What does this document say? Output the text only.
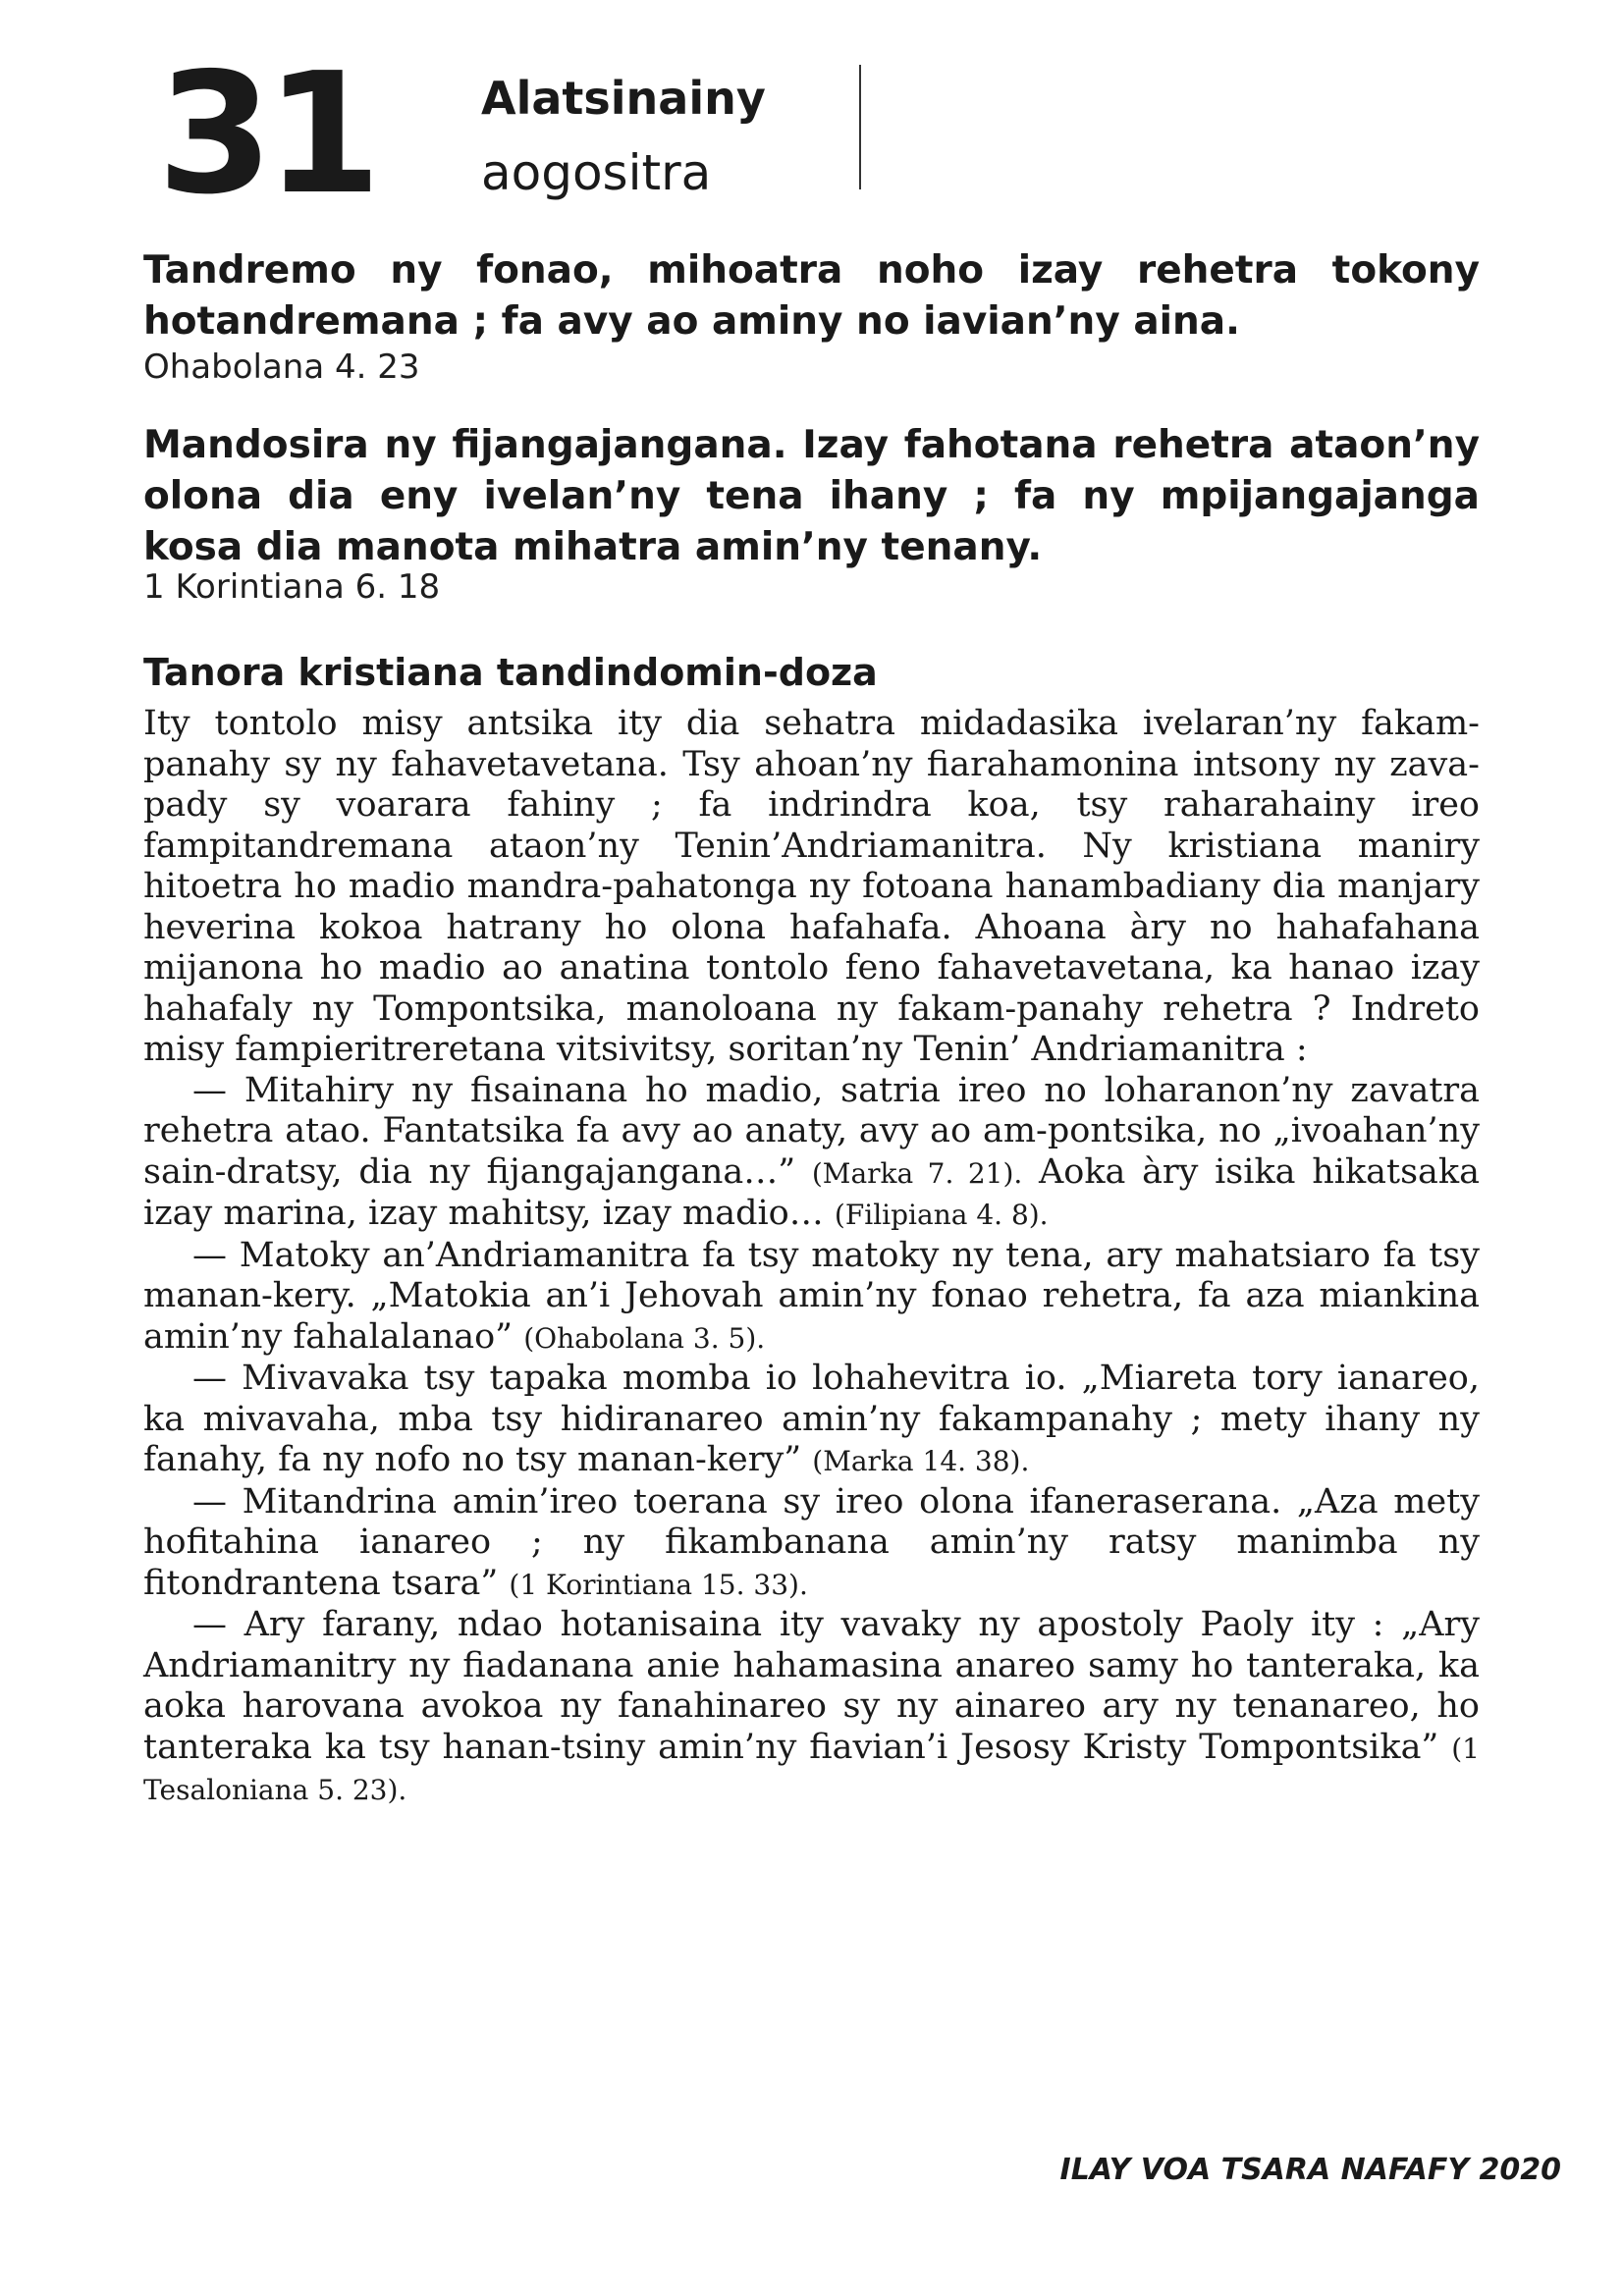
31 Alatsinainy
aogositra
Tandremo ny fonao, mihoatra noho izay rehetra tokony hotandremana ; fa avy ao aminy no iavian’ny aina.
Ohabolana 4. 23
Mandosira ny fijangajangana. Izay fahotana rehetra ataon’ny olona dia eny ivelan’ny tena ihany ; fa ny mpijangajanga kosa dia manota mihatra amin’ny tenany.
1 Korintiana 6. 18
Tanora kristiana tandindomin-doza

Ity tontolo misy antsika ity dia sehatra midadasika ivelaran’ny fakam-panahy sy ny fahavetavetana. Tsy ahoan’ny fiarahamonina intsony ny zava-pady sy voarara fahiny ; fa indrindra koa, tsy raharahainy ireo fampitandremana ataon’ny Tenin’Andriamanitra. Ny kristiana maniry hitoetra ho madio mandra-pahatonga ny fotoana hanambadiany dia manjary heverina kokoa hatrany ho olona hafahafa. Ahoana àry no hahafahana mijanona ho madio ao anatina tontolo feno fahavetavetana, ka hanao izay hahafaly ny Tompontsika, manoloana ny fakam-panahy rehetra ? Indreto misy fampieritreretana vitsivitsy, soritan’ny Tenin’ Andriamanitra :

— Mitahiry ny fisainana ho madio, satria ireo no loharanon’ny zavatra rehetra atao. Fantatsika fa avy ao anaty, avy ao am-pontsika, no „ivoahan’ny sain-dratsy, dia ny fijangajangana…” (Marka 7. 21). Aoka àry isika hikatsaka izay marina, izay mahitsy, izay madio… (Filipiana 4. 8).

— Matoky an’Andriamanitra fa tsy matoky ny tena, ary mahatsiaro fa tsy manan-kery. „Matokia an’i Jehovah amin’ny fonao rehetra, fa aza miankina amin’ny fahalalanao” (Ohabolana 3. 5).

— Mivavaka tsy tapaka momba io lohahevitra io. „Miareta tory ianareo, ka mivavaha, mba tsy hidiranareo amin’ny fakampanahy ; mety ihany ny fanahy, fa ny nofo no tsy manan-kery” (Marka 14. 38).

— Mitandrina amin’ireo toerana sy ireo olona ifaneraserana. „Aza mety hofitahina ianareo ; ny fikambanana amin’ny ratsy manimba ny fitondrantena tsara” (1 Korintiana 15. 33).

— Ary farany, ndao hotanisaina ity vavaky ny apostoly Paoly ity : „Ary Andriamanitry ny fiadanana anie hahamasina anareo samy ho tanteraka, ka aoka harovana avokoa ny fanahinareo sy ny ainareo ary ny tenanareo, ho tanteraka ka tsy hanan-tsiny amin’ny fiavian’i Jesosy Kristy Tompontsika” (1 Tesaloniana 5. 23).

ILAY VOA TSARA NAFAFY 2020
